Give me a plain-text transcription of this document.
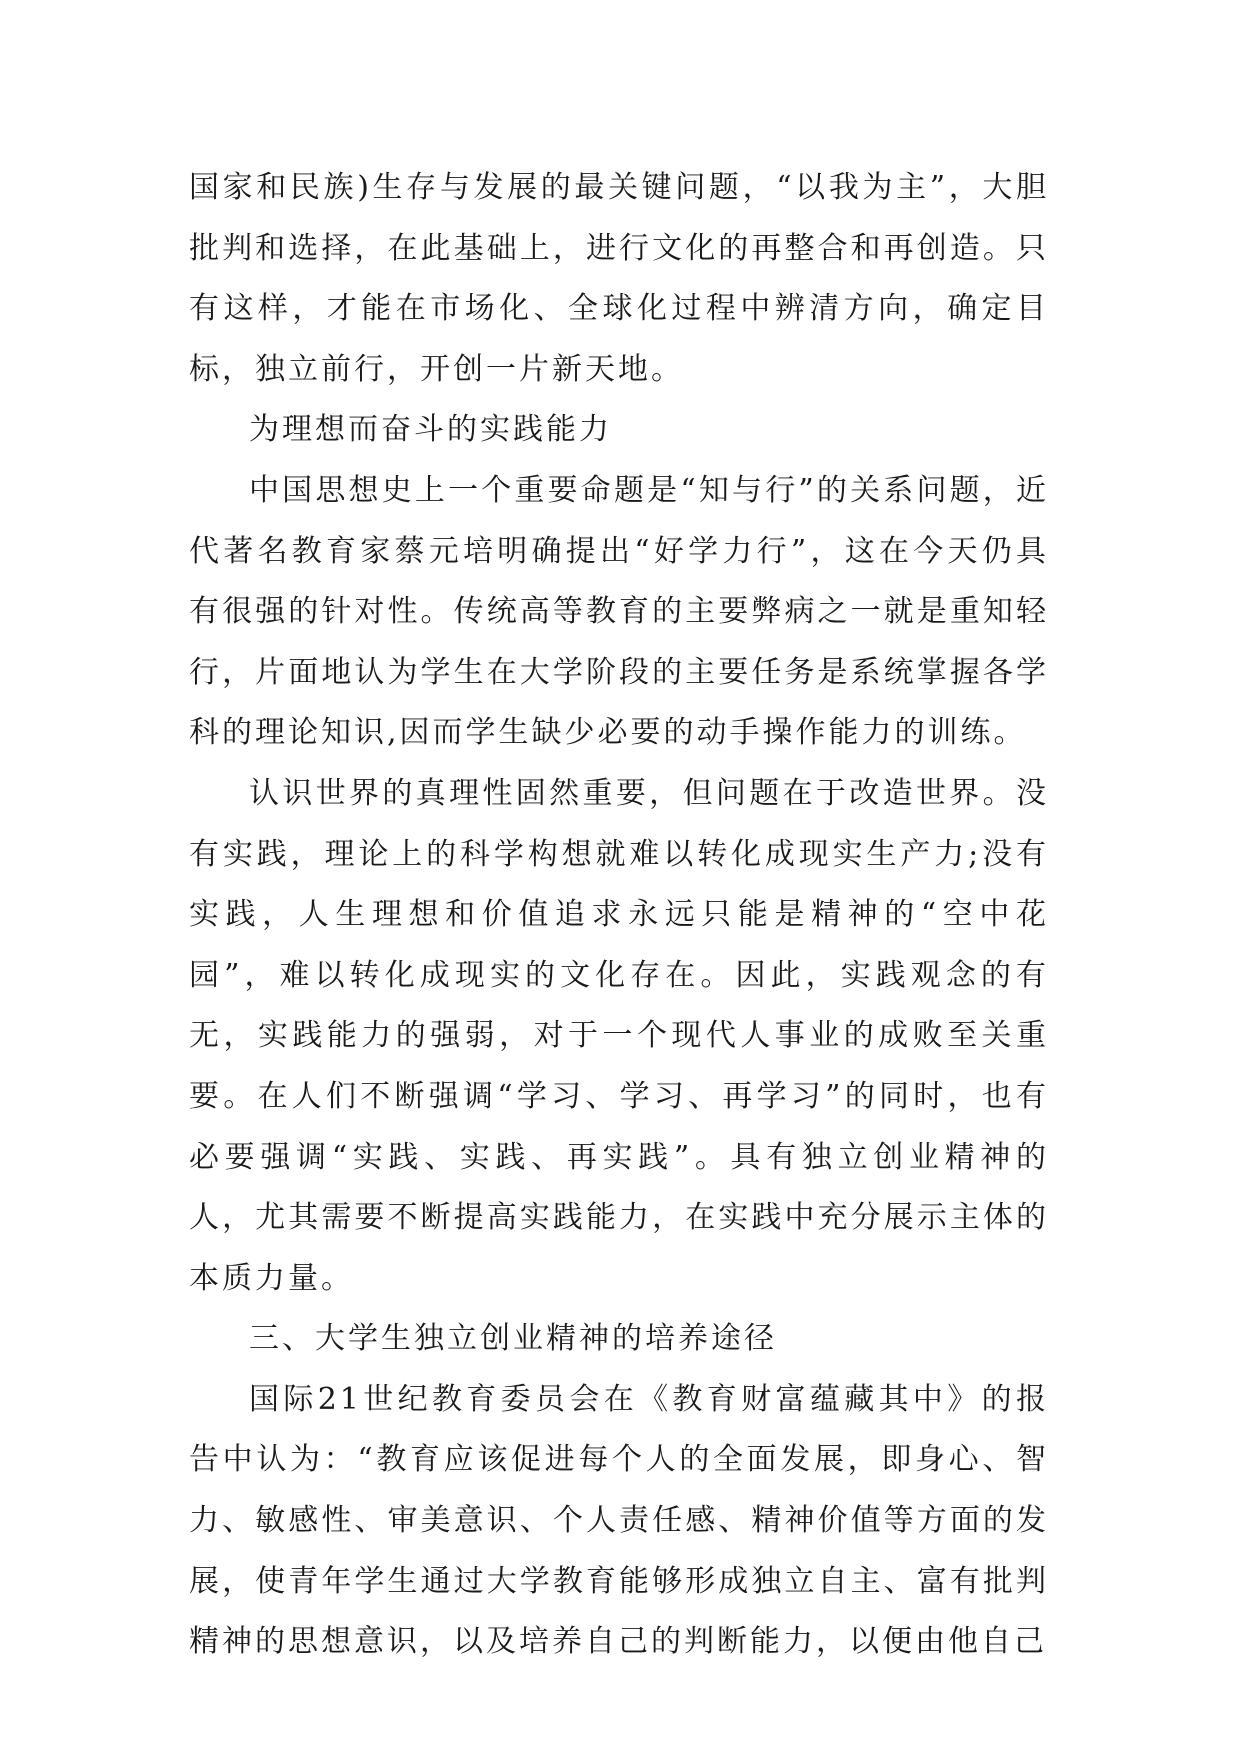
国家和民族)生存与发展的最关键问题，“以我为主”，大胆批判和选择，在此基础上，进行文化的再整合和再创造。只有这样，才能在市场化、全球化过程中辨清方向，确定目标，独立前行，开创一片新天地。

为理想而奋斗的实践能力

中国思想史上一个重要命题是“知与行”的关系问题，近代著名教育家蔡元培明确提出“好学力行”，这在今天仍具有很强的针对性。传统高等教育的主要弊病之一就是重知轻行，片面地认为学生在大学阶段的主要任务是系统掌握各学科的理论知识,因而学生缺少必要的动手操作能力的训练。

认识世界的真理性固然重要，但问题在于改造世界。没有实践，理论上的科学构想就难以转化成现实生产力;没有实践，人生理想和价值追求永远只能是精神的“空中花园”，难以转化成现实的文化存在。因此，实践观念的有无，实践能力的强弱，对于一个现代人事业的成败至关重要。在人们不断强调“学习、学习、再学习”的同时，也有必要强调“实践、实践、再实践”。具有独立创业精神的人，尤其需要不断提高实践能力，在实践中充分展示主体的本质力量。

三、大学生独立创业精神的培养途径

国际21世纪教育委员会在《教育财富蕴藏其中》的报告中认为：“教育应该促进每个人的全面发展，即身心、智力、敏感性、审美意识、个人责任感、精神价值等方面的发展，使青年学生通过大学教育能够形成独立自主、富有批判精神的思想意识，以及培养自己的判断能力，以便由他自己
